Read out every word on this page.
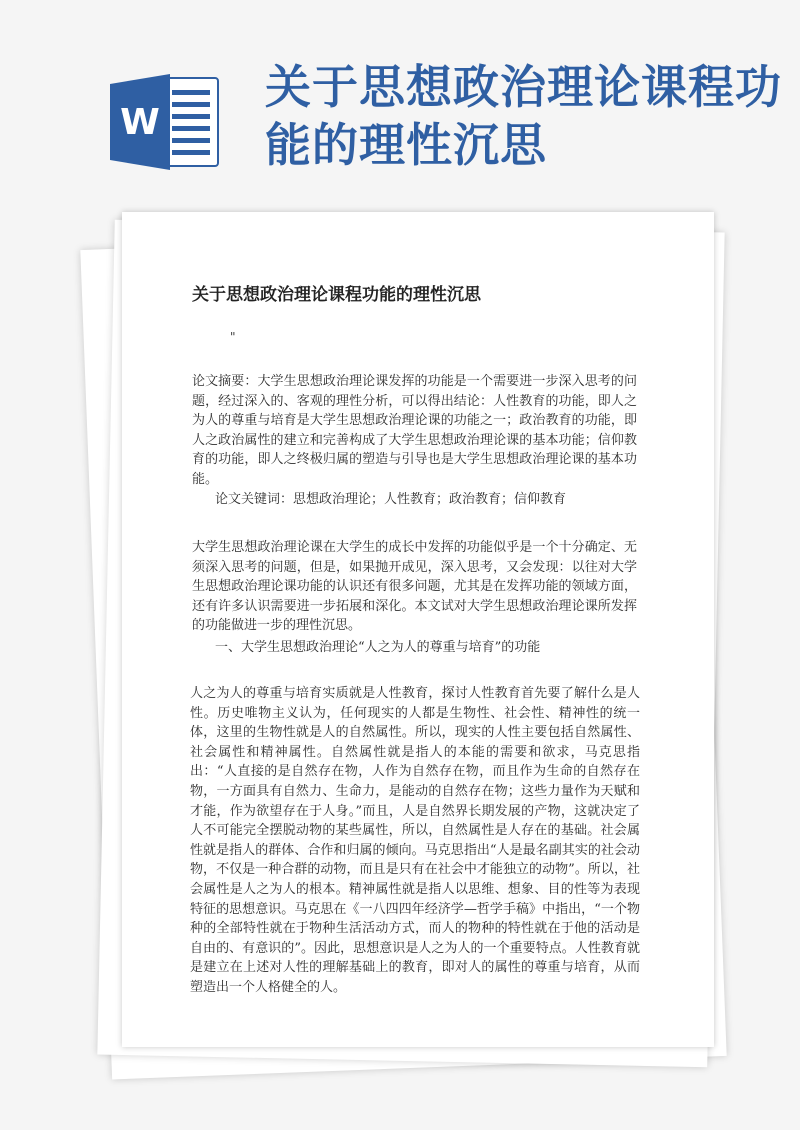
W
关于思想政治理论课程功能的理性沉思
关于思想政治理论课程功能的理性沉思
"
论文摘要：大学生思想政治理论课发挥的功能是一个需要进一步深入思考的问题，经过深入的、客观的理性分析，可以得出结论：人性教育的功能，即人之为人的尊重与培育是大学生思想政治理论课的功能之一；政治教育的功能，即人之政治属性的建立和完善构成了大学生思想政治理论课的基本功能；信仰教育的功能，即人之终极归属的塑造与引导也是大学生思想政治理论课的基本功能。
论文关键词：思想政治理论；人性教育；政治教育；信仰教育
大学生思想政治理论课在大学生的成长中发挥的功能似乎是一个十分确定、无须深入思考的问题，但是，如果抛开成见，深入思考，又会发现：以往对大学生思想政治理论课功能的认识还有很多问题，尤其是在发挥功能的领域方面，还有许多认识需要进一步拓展和深化。本文试对大学生思想政治理论课所发挥的功能做进一步的理性沉思。
一、大学生思想政治理论“人之为人的尊重与培育”的功能
人之为人的尊重与培育实质就是人性教育，探讨人性教育首先要了解什么是人性。历史唯物主义认为，任何现实的人都是生物性、社会性、精神性的统一体，这里的生物性就是人的自然属性。所以，现实的人性主要包括自然属性、社会属性和精神属性。自然属性就是指人的本能的需要和欲求，马克思指出：“人直接的是自然存在物，人作为自然存在物，而且作为生命的自然存在物，一方面具有自然力、生命力，是能动的自然存在物；这些力量作为天赋和才能，作为欲望存在于人身。”而且，人是自然界长期发展的产物，这就决定了人不可能完全摆脱动物的某些属性，所以，自然属性是人存在的基础。社会属性就是指人的群体、合作和归属的倾向。马克思指出“人是最名副其实的社会动物，不仅是一种合群的动物，而且是只有在社会中才能独立的动物”。所以，社会属性是人之为人的根本。精神属性就是指人以思维、想象、目的性等为表现特征的思想意识。马克思在《一八四四年经济学—哲学手稿》中指出，“一个物种的全部特性就在于物种生活活动方式，而人的物种的特性就在于他的活动是自由的、有意识的”。因此，思想意识是人之为人的一个重要特点。人性教育就是建立在上述对人性的理解基础上的教育，即对人的属性的尊重与培育，从而塑造出一个人格健全的人。
